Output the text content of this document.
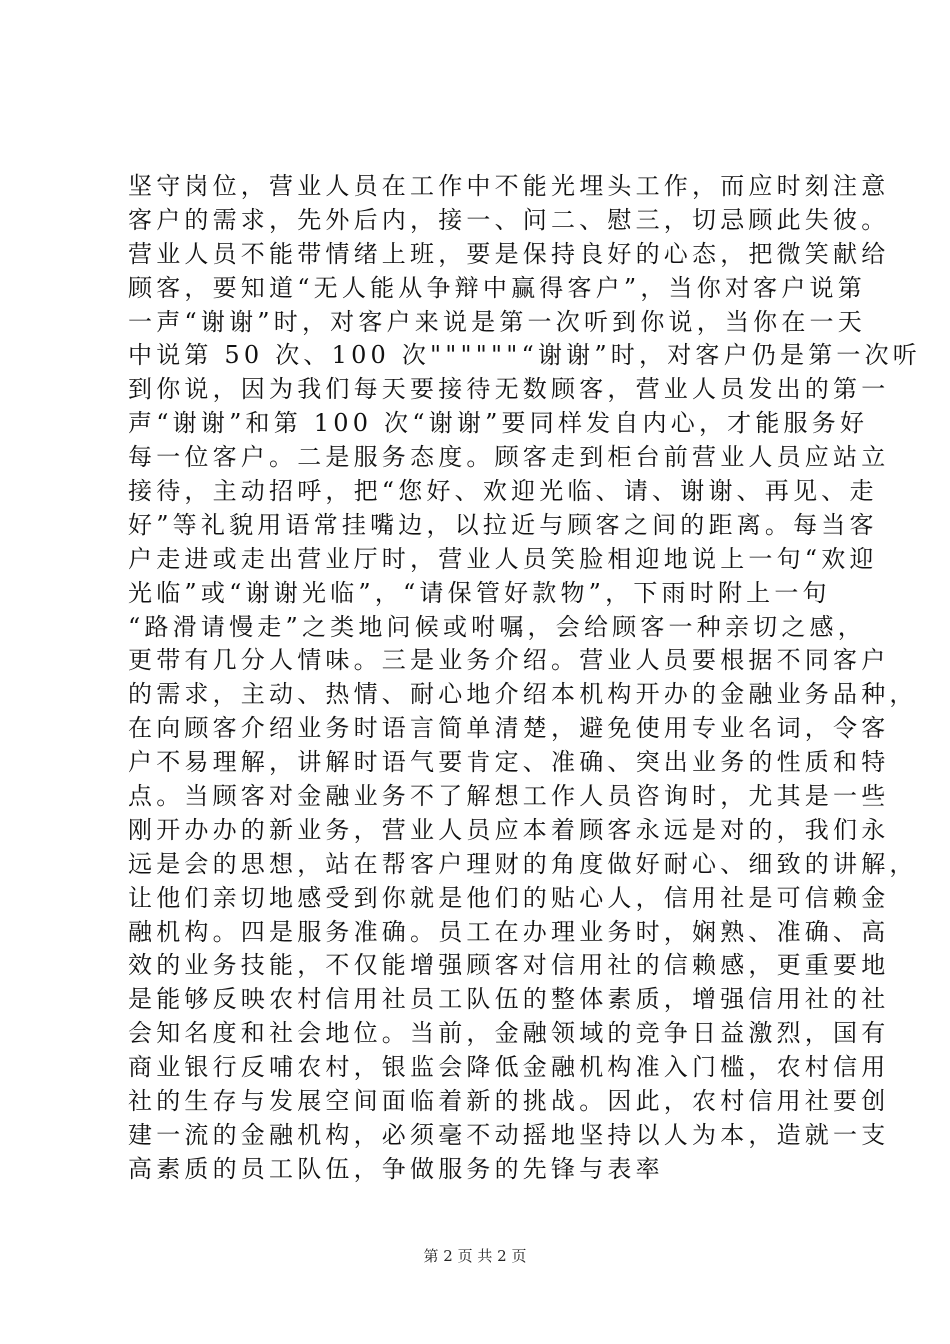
坚守岗位，营业人员在工作中不能光埋头工作，而应时刻注意
客户的需求，先外后内，接一、问二、慰三，切忌顾此失彼。
营业人员不能带情绪上班，要是保持良好的心态，把微笑献给
顾客，要知道“无人能从争辩中赢得客户”，当你对客户说第
一声“谢谢”时，对客户来说是第一次听到你说，当你在一天
中说第 50 次、100 次""""""“谢谢”时，对客户仍是第一次听
到你说，因为我们每天要接待无数顾客，营业人员发出的第一
声“谢谢”和第 100 次“谢谢”要同样发自内心，才能服务好
每一位客户。二是服务态度。顾客走到柜台前营业人员应站立
接待，主动招呼，把“您好、欢迎光临、请、谢谢、再见、走
好”等礼貌用语常挂嘴边，以拉近与顾客之间的距离。每当客
户走进或走出营业厅时，营业人员笑脸相迎地说上一句“欢迎
光临”或“谢谢光临”，“请保管好款物”，下雨时附上一句
“路滑请慢走”之类地问候或咐嘱，会给顾客一种亲切之感，
更带有几分人情味。三是业务介绍。营业人员要根据不同客户
的需求，主动、热情、耐心地介绍本机构开办的金融业务品种，
在向顾客介绍业务时语言简单清楚，避免使用专业名词，令客
户不易理解，讲解时语气要肯定、准确、突出业务的性质和特
点。当顾客对金融业务不了解想工作人员咨询时，尤其是一些
刚开办办的新业务，营业人员应本着顾客永远是对的，我们永
远是会的思想，站在帮客户理财的角度做好耐心、细致的讲解，
让他们亲切地感受到你就是他们的贴心人，信用社是可信赖金
融机构。四是服务准确。员工在办理业务时，娴熟、准确、高
效的业务技能，不仅能增强顾客对信用社的信赖感，更重要地
是能够反映农村信用社员工队伍的整体素质，增强信用社的社
会知名度和社会地位。当前，金融领域的竞争日益激烈，国有
商业银行反哺农村，银监会降低金融机构准入门槛，农村信用
社的生存与发展空间面临着新的挑战。因此，农村信用社要创
建一流的金融机构，必须毫不动摇地坚持以人为本，造就一支
高素质的员工队伍，争做服务的先锋与表率
第 2 页 共 2 页
